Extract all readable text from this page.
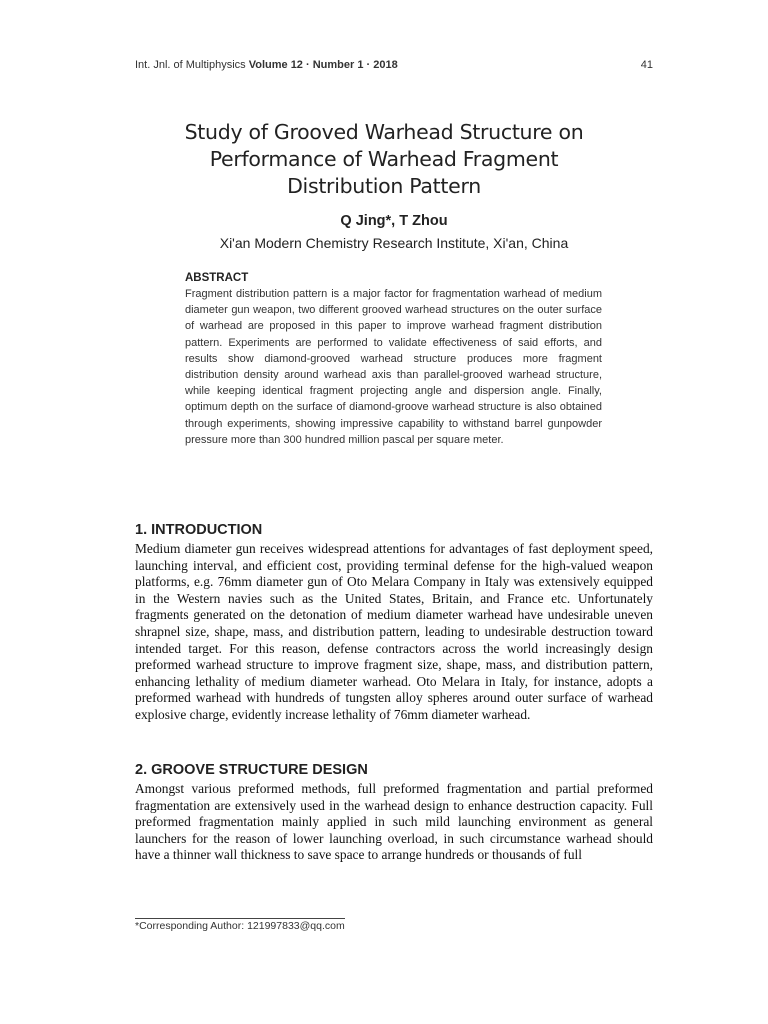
Int. Jnl. of Multiphysics Volume 12 · Number 1 · 2018	41
Study of Grooved Warhead Structure on Performance of Warhead Fragment Distribution Pattern
Q Jing*, T Zhou
Xi'an Modern Chemistry Research Institute, Xi'an, China

ABSTRACT

Fragment distribution pattern is a major factor for fragmentation warhead of medium diameter gun weapon, two different grooved warhead structures on the outer surface of warhead are proposed in this paper to improve warhead fragment distribution pattern. Experiments are performed to validate effectiveness of said efforts, and results show diamond-grooved warhead structure produces more fragment distribution density around warhead axis than parallel-grooved warhead structure, while keeping identical fragment projecting angle and dispersion angle. Finally, optimum depth on the surface of diamond-groove warhead structure is also obtained through experiments, showing impressive capability to withstand barrel gunpowder pressure more than 300 hundred million pascal per square meter.

1. INTRODUCTION

Medium diameter gun receives widespread attentions for advantages of fast deployment speed, launching interval, and efficient cost, providing terminal defense for the high-valued weapon platforms, e.g. 76mm diameter gun of Oto Melara Company in Italy was extensively equipped in the Western navies such as the United States, Britain, and France etc. Unfortunately fragments generated on the detonation of medium diameter warhead have undesirable uneven shrapnel size, shape, mass, and distribution pattern, leading to undesirable destruction toward intended target. For this reason, defense contractors across the world increasingly design preformed warhead structure to improve fragment size, shape, mass, and distribution pattern, enhancing lethality of medium diameter warhead. Oto Melara in Italy, for instance, adopts a preformed warhead with hundreds of tungsten alloy spheres around outer surface of warhead explosive charge, evidently increase lethality of 76mm diameter warhead.

2. GROOVE STRUCTURE DESIGN

Amongst various preformed methods, full preformed fragmentation and partial preformed fragmentation are extensively used in the warhead design to enhance destruction capacity. Full preformed fragmentation mainly applied in such mild launching environment as general launchers for the reason of lower launching overload, in such circumstance warhead should have a thinner wall thickness to save space to arrange hundreds or thousands of full

*Corresponding Author: 121997833@qq.com
